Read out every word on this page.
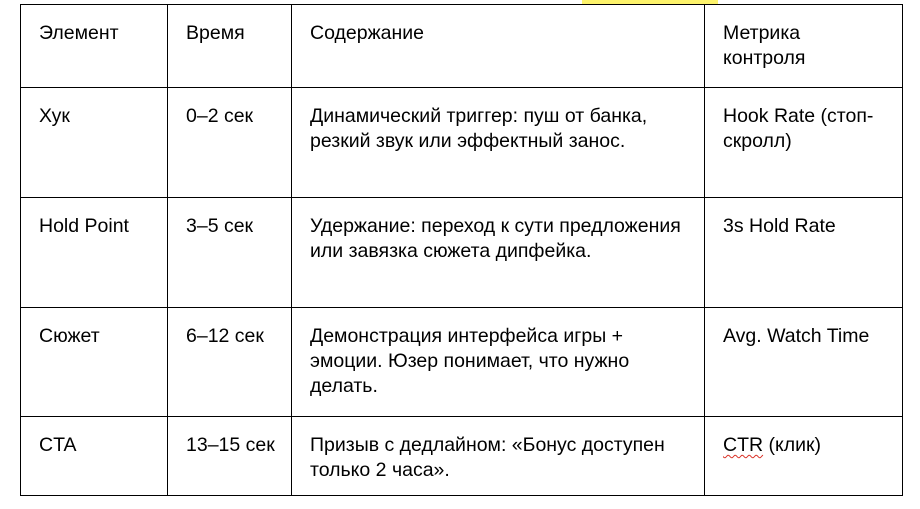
Элемент	Время	Содержание	Метрика контроля
Хук	0–2 сек	Динамический триггер: пуш от банка, резкий звук или эффектный занос.	Hook Rate (стоп-скролл)
Hold Point	3–5 сек	Удержание: переход к сути предложения или завязка сюжета дипфейка.	3s Hold Rate
Сюжет	6–12 сек	Демонстрация интерфейса игры + эмоции. Юзер понимает, что нужно делать.	Avg. Watch Time
CTA	13–15 сек	Призыв с дедлайном: «Бонус доступен только 2 часа».	CTR (клик)
